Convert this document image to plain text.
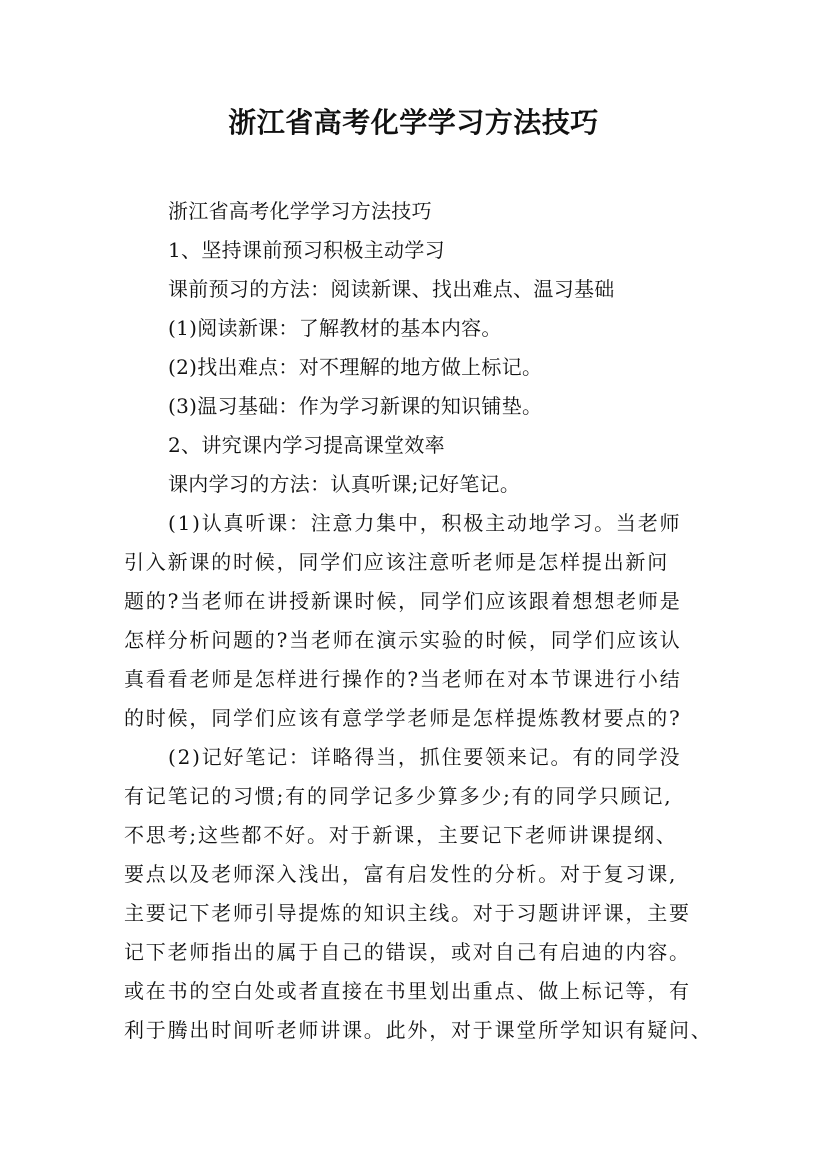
浙江省高考化学学习方法技巧

浙江省高考化学学习方法技巧

1、坚持课前预习积极主动学习

课前预习的方法：阅读新课、找出难点、温习基础

(1)阅读新课：了解教材的基本内容。

(2)找出难点：对不理解的地方做上标记。

(3)温习基础：作为学习新课的知识铺垫。

2、讲究课内学习提高课堂效率

课内学习的方法：认真听课;记好笔记。

(1)认真听课：注意力集中，积极主动地学习。当老师

引入新课的时候，同学们应该注意听老师是怎样提出新问

题的?当老师在讲授新课时候，同学们应该跟着想想老师是

怎样分析问题的?当老师在演示实验的时候，同学们应该认

真看看老师是怎样进行操作的?当老师在对本节课进行小结

的时候，同学们应该有意学学老师是怎样提炼教材要点的?

(2)记好笔记：详略得当，抓住要领来记。有的同学没

有记笔记的习惯;有的同学记多少算多少;有的同学只顾记,

不思考;这些都不好。对于新课，主要记下老师讲课提纲、

要点以及老师深入浅出，富有启发性的分析。对于复习课,

主要记下老师引导提炼的知识主线。对于习题讲评课，主要

记下老师指出的属于自己的错误，或对自己有启迪的内容。

或在书的空白处或者直接在书里划出重点、做上标记等，有

利于腾出时间听老师讲课。此外，对于课堂所学知识有疑问、
